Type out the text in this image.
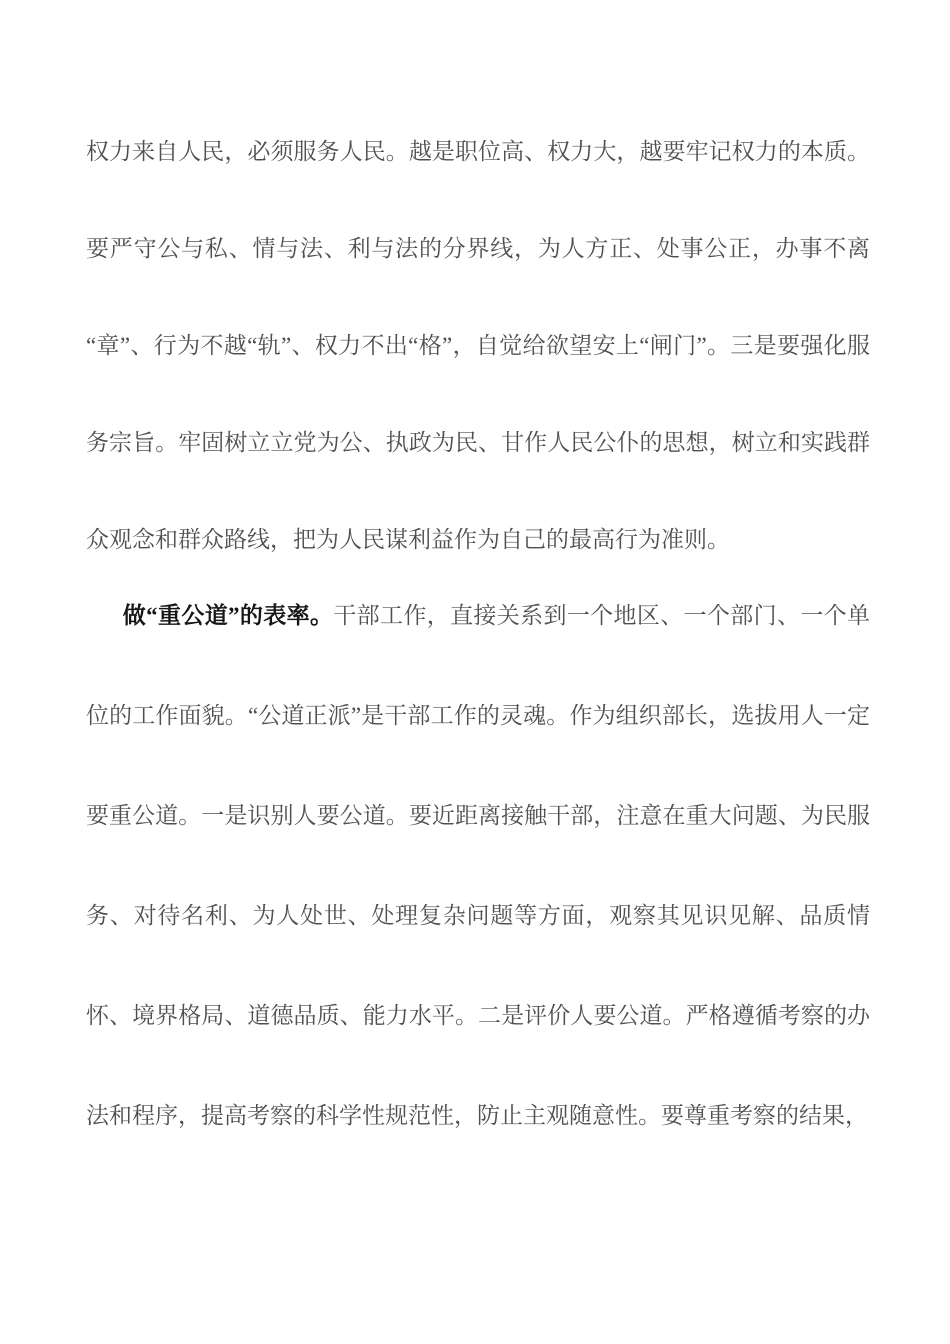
权力来自人民，必须服务人民。越是职位高、权力大，越要牢记权力的本质。要严守公与私、情与法、利与法的分界线，为人方正、处事公正，办事不离“章”、行为不越“轨”、权力不出“格”，自觉给欲望安上“闸门”。三是要强化服务宗旨。牢固树立立党为公、执政为民、甘作人民公仆的思想，树立和实践群众观念和群众路线，把为人民谋利益作为自己的最高行为准则。

做“重公道”的表率。干部工作，直接关系到一个地区、一个部门、一个单位的工作面貌。“公道正派”是干部工作的灵魂。作为组织部长，选拔用人一定要重公道。一是识别人要公道。要近距离接触干部，注意在重大问题、为民服务、对待名利、为人处世、处理复杂问题等方面，观察其见识见解、品质情怀、境界格局、道德品质、能力水平。二是评价人要公道。严格遵循考察的办法和程序，提高考察的科学性规范性，防止主观随意性。要尊重考察的结果，
